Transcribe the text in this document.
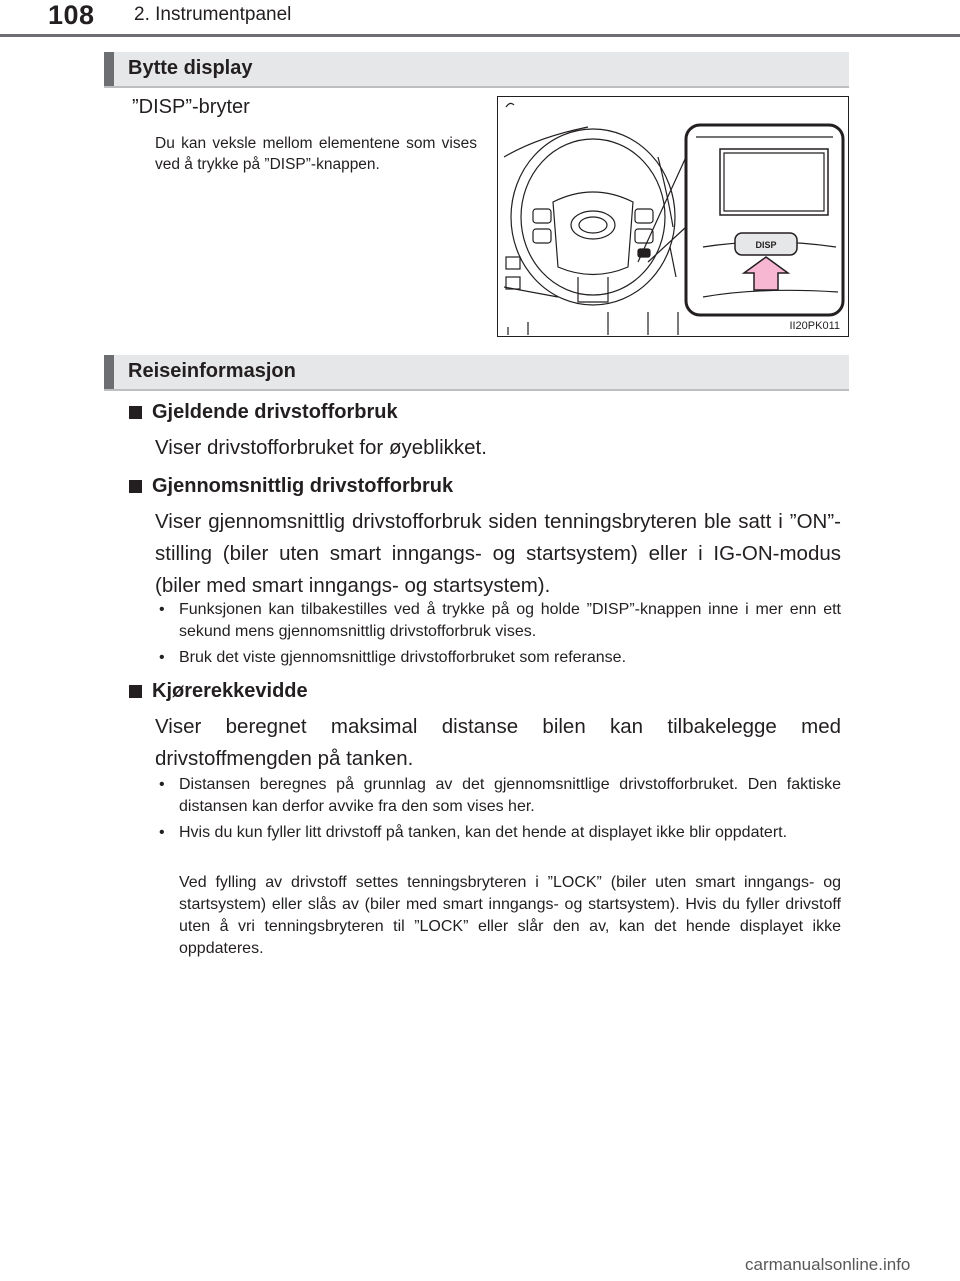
108 2. Instrumentpanel
Bytte display
”DISP”-bryter
Du kan veksle mellom elementene som vises ved å trykke på ”DISP”-knappen.
DISP
II20PK011
Reiseinformasjon
Gjeldende drivstofforbruk
Viser drivstofforbruket for øyeblikket.
Gjennomsnittlig drivstofforbruk
Viser gjennomsnittlig drivstofforbruk siden tenningsbryteren ble satt i ”ON”-stilling (biler uten smart inngangs- og startsystem) eller i IG-ON-modus (biler med smart inngangs- og startsystem).
• Funksjonen kan tilbakestilles ved å trykke på og holde ”DISP”-knappen inne i mer enn ett sekund mens gjennomsnittlig drivstofforbruk vises.
• Bruk det viste gjennomsnittlige drivstofforbruket som referanse.
Kjørerekkevidde
Viser beregnet maksimal distanse bilen kan tilbakelegge med drivstoffmengden på tanken.
• Distansen beregnes på grunnlag av det gjennomsnittlige drivstofforbruket. Den faktiske distansen kan derfor avvike fra den som vises her.
• Hvis du kun fyller litt drivstoff på tanken, kan det hende at displayet ikke blir oppdatert.
Ved fylling av drivstoff settes tenningsbryteren i ”LOCK” (biler uten smart inngangs- og startsystem) eller slås av (biler med smart inngangs- og startsystem). Hvis du fyller drivstoff uten å vri tenningsbryteren til ”LOCK” eller slår den av, kan det hende displayet ikke oppdateres.
carmanualsonline.info
